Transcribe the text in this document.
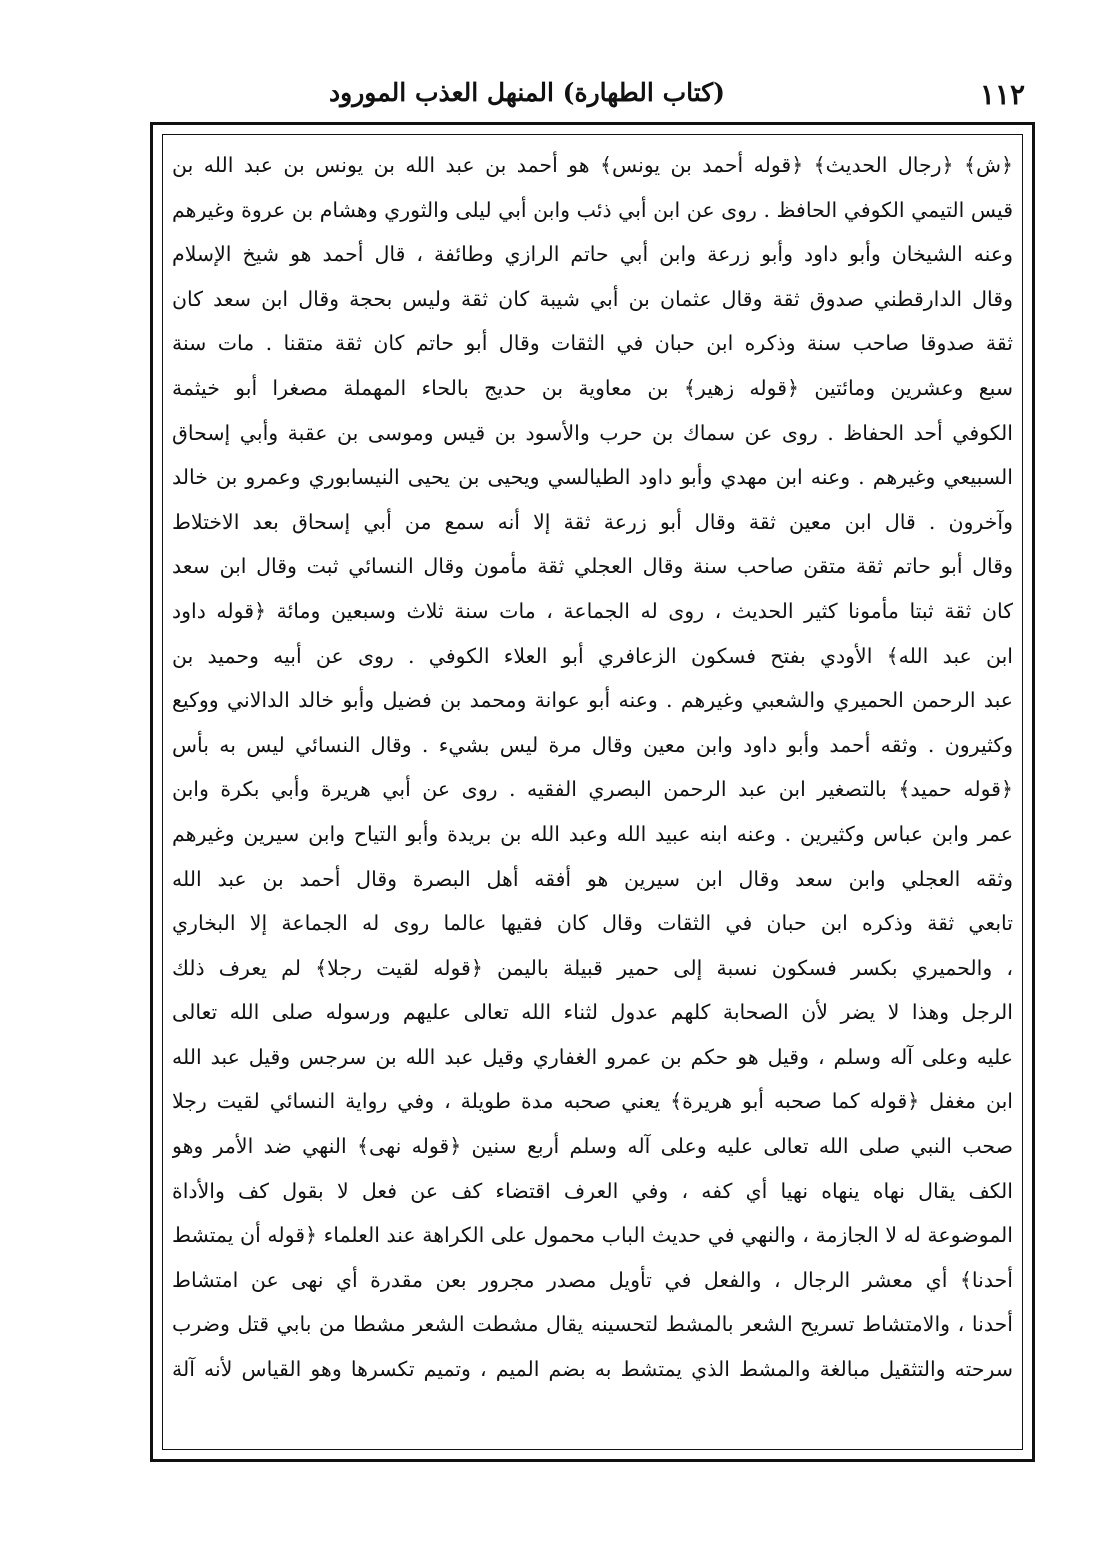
١١٢
(كتاب الطهارة) المنهل العذب المورود
﴿ش﴾ ﴿رجال الحديث﴾ ﴿قوله أحمد بن يونس﴾ هو أحمد بن عبد الله بن يونس بن عبد الله بن
قيس التيمي الكوفي الحافظ . روى عن ابن أبي ذئب وابن أبي ليلى والثوري وهشام بن عروة وغيرهم
وعنه الشيخان وأبو داود وأبو زرعة وابن أبي حاتم الرازي وطائفة ، قال أحمد هو شيخ الإسلام
وقال الدارقطني صدوق ثقة وقال عثمان بن أبي شيبة كان ثقة وليس بحجة وقال ابن سعد كان
ثقة صدوقا صاحب سنة وذكره ابن حبان في الثقات وقال أبو حاتم كان ثقة متقنا . مات سنة
سبع وعشرين ومائتين ﴿قوله زهير﴾ بن معاوية بن حديج بالحاء المهملة مصغرا أبو خيثمة
الكوفي أحد الحفاظ . روى عن سماك بن حرب والأسود بن قيس وموسى بن عقبة وأبي إسحاق
السبيعي وغيرهم . وعنه ابن مهدي وأبو داود الطيالسي ويحيى بن يحيى النيسابوري وعمرو بن خالد
وآخرون . قال ابن معين ثقة وقال أبو زرعة ثقة إلا أنه سمع من أبي إسحاق بعد الاختلاط
وقال أبو حاتم ثقة متقن صاحب سنة وقال العجلي ثقة مأمون وقال النسائي ثبت وقال ابن سعد
كان ثقة ثبتا مأمونا كثير الحديث ، روى له الجماعة ، مات سنة ثلاث وسبعين ومائة ﴿قوله داود
ابن عبد الله﴾ الأودي بفتح فسكون الزعافري أبو العلاء الكوفي . روى عن أبيه وحميد بن
عبد الرحمن الحميري والشعبي وغيرهم . وعنه أبو عوانة ومحمد بن فضيل وأبو خالد الدالاني ووكيع
وكثيرون . وثقه أحمد وأبو داود وابن معين وقال مرة ليس بشيء . وقال النسائي ليس به بأس
﴿قوله حميد﴾ بالتصغير ابن عبد الرحمن البصري الفقيه . روى عن أبي هريرة وأبي بكرة وابن
عمر وابن عباس وكثيرين . وعنه ابنه عبيد الله وعبد الله بن بريدة وأبو التياح وابن سيرين وغيرهم
وثقه العجلي وابن سعد وقال ابن سيرين هو أفقه أهل البصرة وقال أحمد بن عبد الله
تابعي ثقة وذكره ابن حبان في الثقات وقال كان فقيها عالما روى له الجماعة إلا البخاري
، والحميري بكسر فسكون نسبة إلى حمير قبيلة باليمن ﴿قوله لقيت رجلا﴾ لم يعرف ذلك
الرجل وهذا لا يضر لأن الصحابة كلهم عدول لثناء الله تعالى عليهم ورسوله صلى الله تعالى
عليه وعلى آله وسلم ، وقيل هو حكم بن عمرو الغفاري وقيل عبد الله بن سرجس وقيل عبد الله
ابن مغفل ﴿قوله كما صحبه أبو هريرة﴾ يعني صحبه مدة طويلة ، وفي رواية النسائي لقيت رجلا
صحب النبي صلى الله تعالى عليه وعلى آله وسلم أربع سنين ﴿قوله نهى﴾ النهي ضد الأمر وهو
الكف يقال نهاه ينهاه نهيا أي كفه ، وفي العرف اقتضاء كف عن فعل لا بقول كف والأداة
الموضوعة له لا الجازمة ، والنهي في حديث الباب محمول على الكراهة عند العلماء ﴿قوله أن يمتشط
أحدنا﴾ أي معشر الرجال ، والفعل في تأويل مصدر مجرور بعن مقدرة أي نهى عن امتشاط
أحدنا ، والامتشاط تسريح الشعر بالمشط لتحسينه يقال مشطت الشعر مشطا من بابي قتل وضرب
سرحته والتثقيل مبالغة والمشط الذي يمتشط به بضم الميم ، وتميم تكسرها وهو القياس لأنه آلة
